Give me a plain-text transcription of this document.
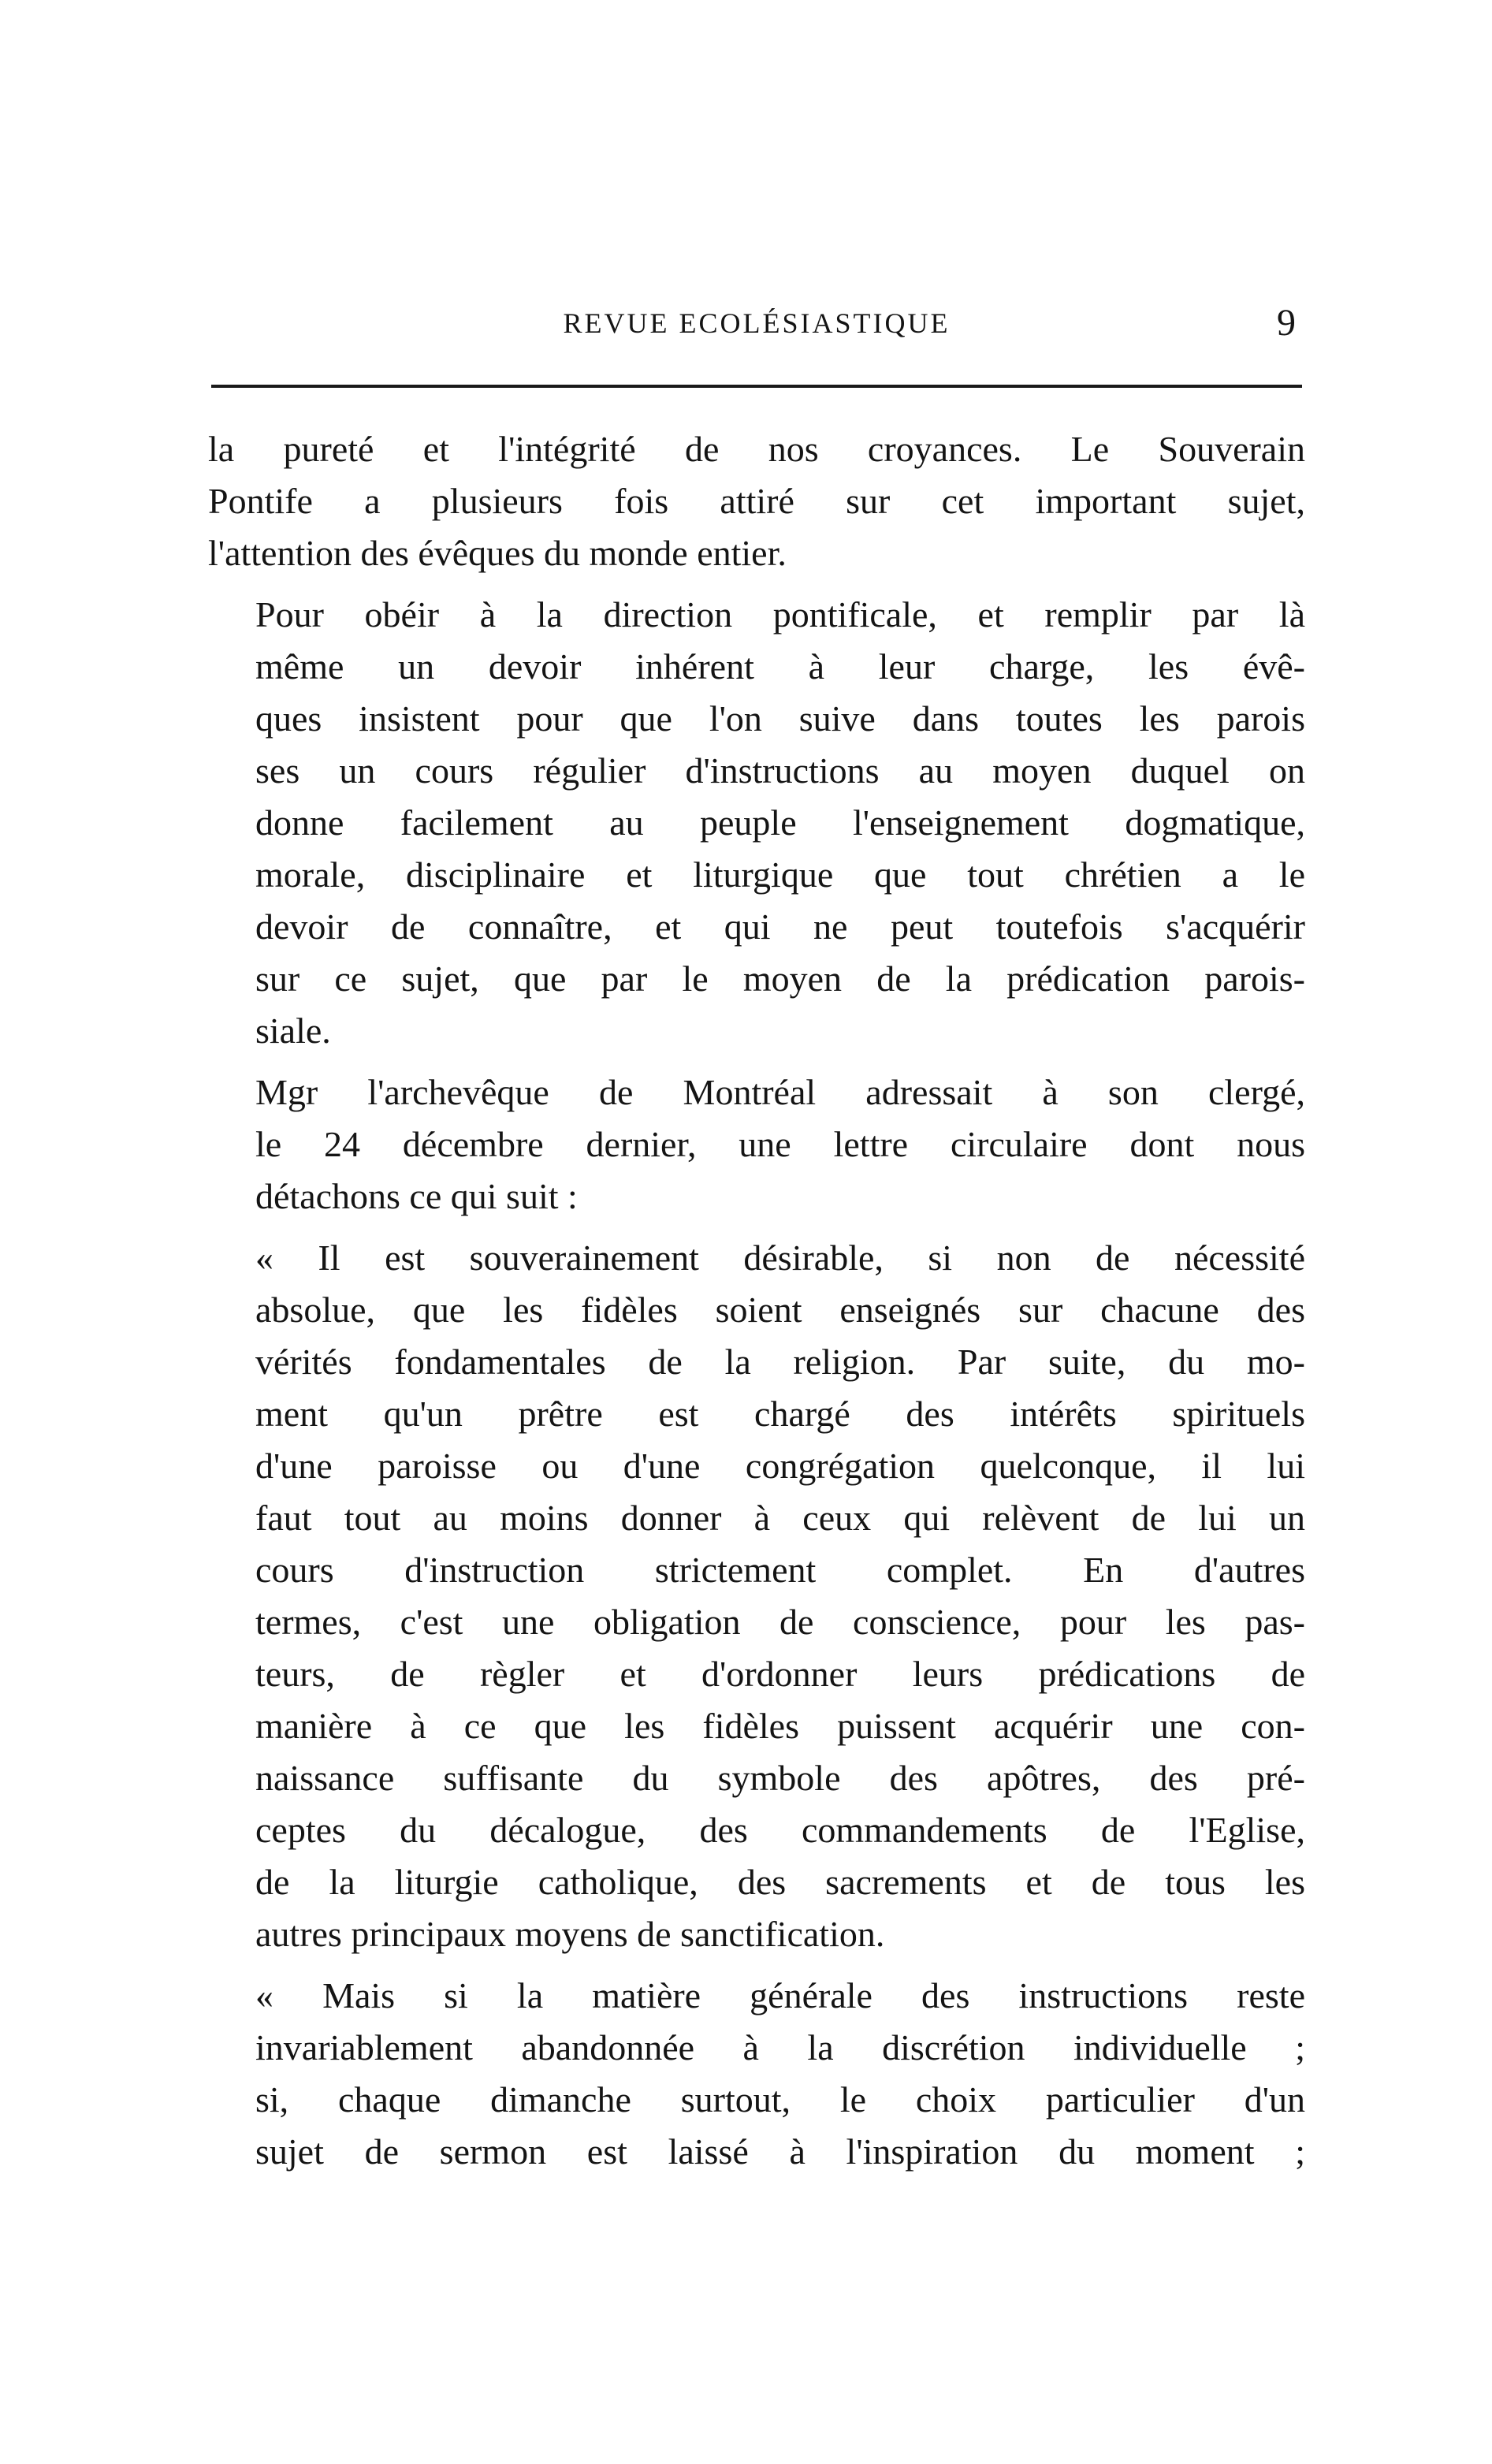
REVUE ECOLÉSIASTIQUE	9

la pureté et l'intégrité de nos croyances. Le Souverain
Pontife a plusieurs fois attiré sur cet important sujet,
l'attention des évêques du monde entier.

Pour obéir à la direction pontificale, et remplir par là
même un devoir inhérent à leur charge, les évê-
ques insistent pour que l'on suive dans toutes les parois
ses un cours régulier d'instructions au moyen duquel on
donne facilement au peuple l'enseignement dogmatique,
morale, disciplinaire et liturgique que tout chrétien a le
devoir de connaître, et qui ne peut toutefois s'acquérir
sur ce sujet, que par le moyen de la prédication parois-
siale.

Mgr l'archevêque de Montréal adressait à son clergé,
le 24 décembre dernier, une lettre circulaire dont nous
détachons ce qui suit :

« Il est souverainement désirable, si non de nécessité
absolue, que les fidèles soient enseignés sur chacune des
vérités fondamentales de la religion. Par suite, du mo-
ment qu'un prêtre est chargé des intérêts spirituels
d'une paroisse ou d'une congrégation quelconque, il lui
faut tout au moins donner à ceux qui relèvent de lui un
cours d'instruction strictement complet. En d'autres
termes, c'est une obligation de conscience, pour les pas-
teurs, de règler et d'ordonner leurs prédications de
manière à ce que les fidèles puissent acquérir une con-
naissance suffisante du symbole des apôtres, des pré-
ceptes du décalogue, des commandements de l'Eglise,
de la liturgie catholique, des sacrements et de tous les
autres principaux moyens de sanctification.

« Mais si la matière générale des instructions reste
invariablement abandonnée à la discrétion individuelle ;
si, chaque dimanche surtout, le choix particulier d'un
sujet de sermon est laissé à l'inspiration du moment ;
